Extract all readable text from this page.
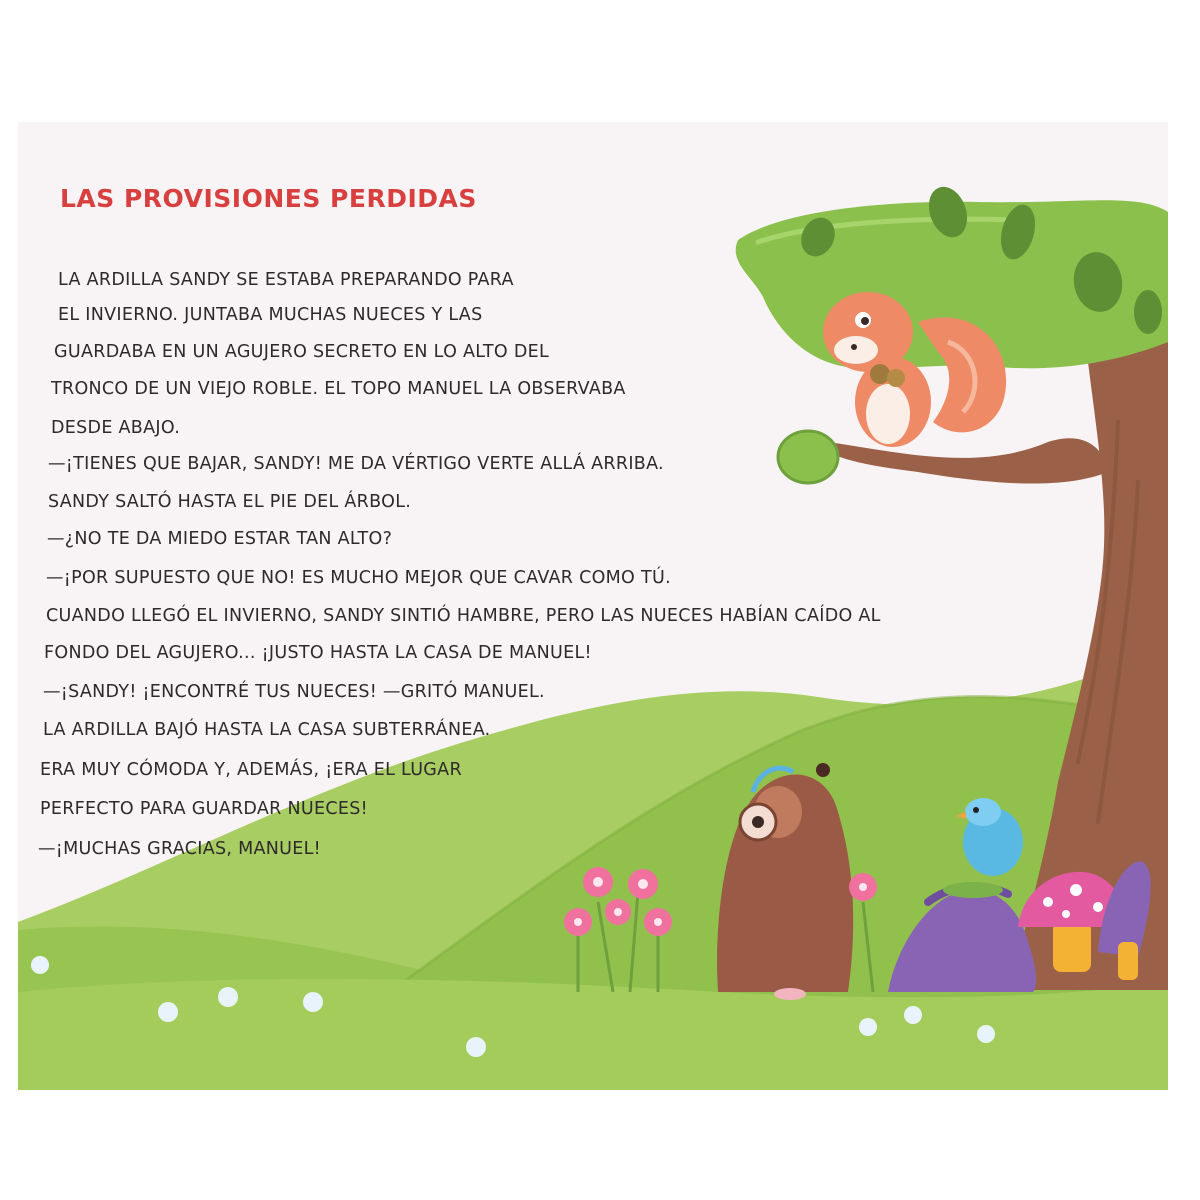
LAS PROVISIONES PERDIDAS

LA ARDILLA SANDY SE ESTABA PREPARANDO PARA

EL INVIERNO. JUNTABA MUCHAS NUECES Y LAS

GUARDABA EN UN AGUJERO SECRETO EN LO ALTO DEL

TRONCO DE UN VIEJO ROBLE. EL TOPO MANUEL LA OBSERVABA

DESDE ABAJO.

—¡TIENES QUE BAJAR, SANDY! ME DA VÉRTIGO VERTE ALLÁ ARRIBA.

SANDY SALTÓ HASTA EL PIE DEL ÁRBOL.

—¿NO TE DA MIEDO ESTAR TAN ALTO?

—¡POR SUPUESTO QUE NO! ES MUCHO MEJOR QUE CAVAR COMO TÚ.

CUANDO LLEGÓ EL INVIERNO, SANDY SINTIÓ HAMBRE, PERO LAS NUECES HABÍAN CAÍDO AL

FONDO DEL AGUJERO... ¡JUSTO HASTA LA CASA DE MANUEL!

—¡SANDY! ¡ENCONTRÉ TUS NUECES! —GRITÓ MANUEL.

LA ARDILLA BAJÓ HASTA LA CASA SUBTERRÁNEA.

ERA MUY CÓMODA Y, ADEMÁS, ¡ERA EL LUGAR

PERFECTO PARA GUARDAR NUECES!

—¡MUCHAS GRACIAS, MANUEL!
